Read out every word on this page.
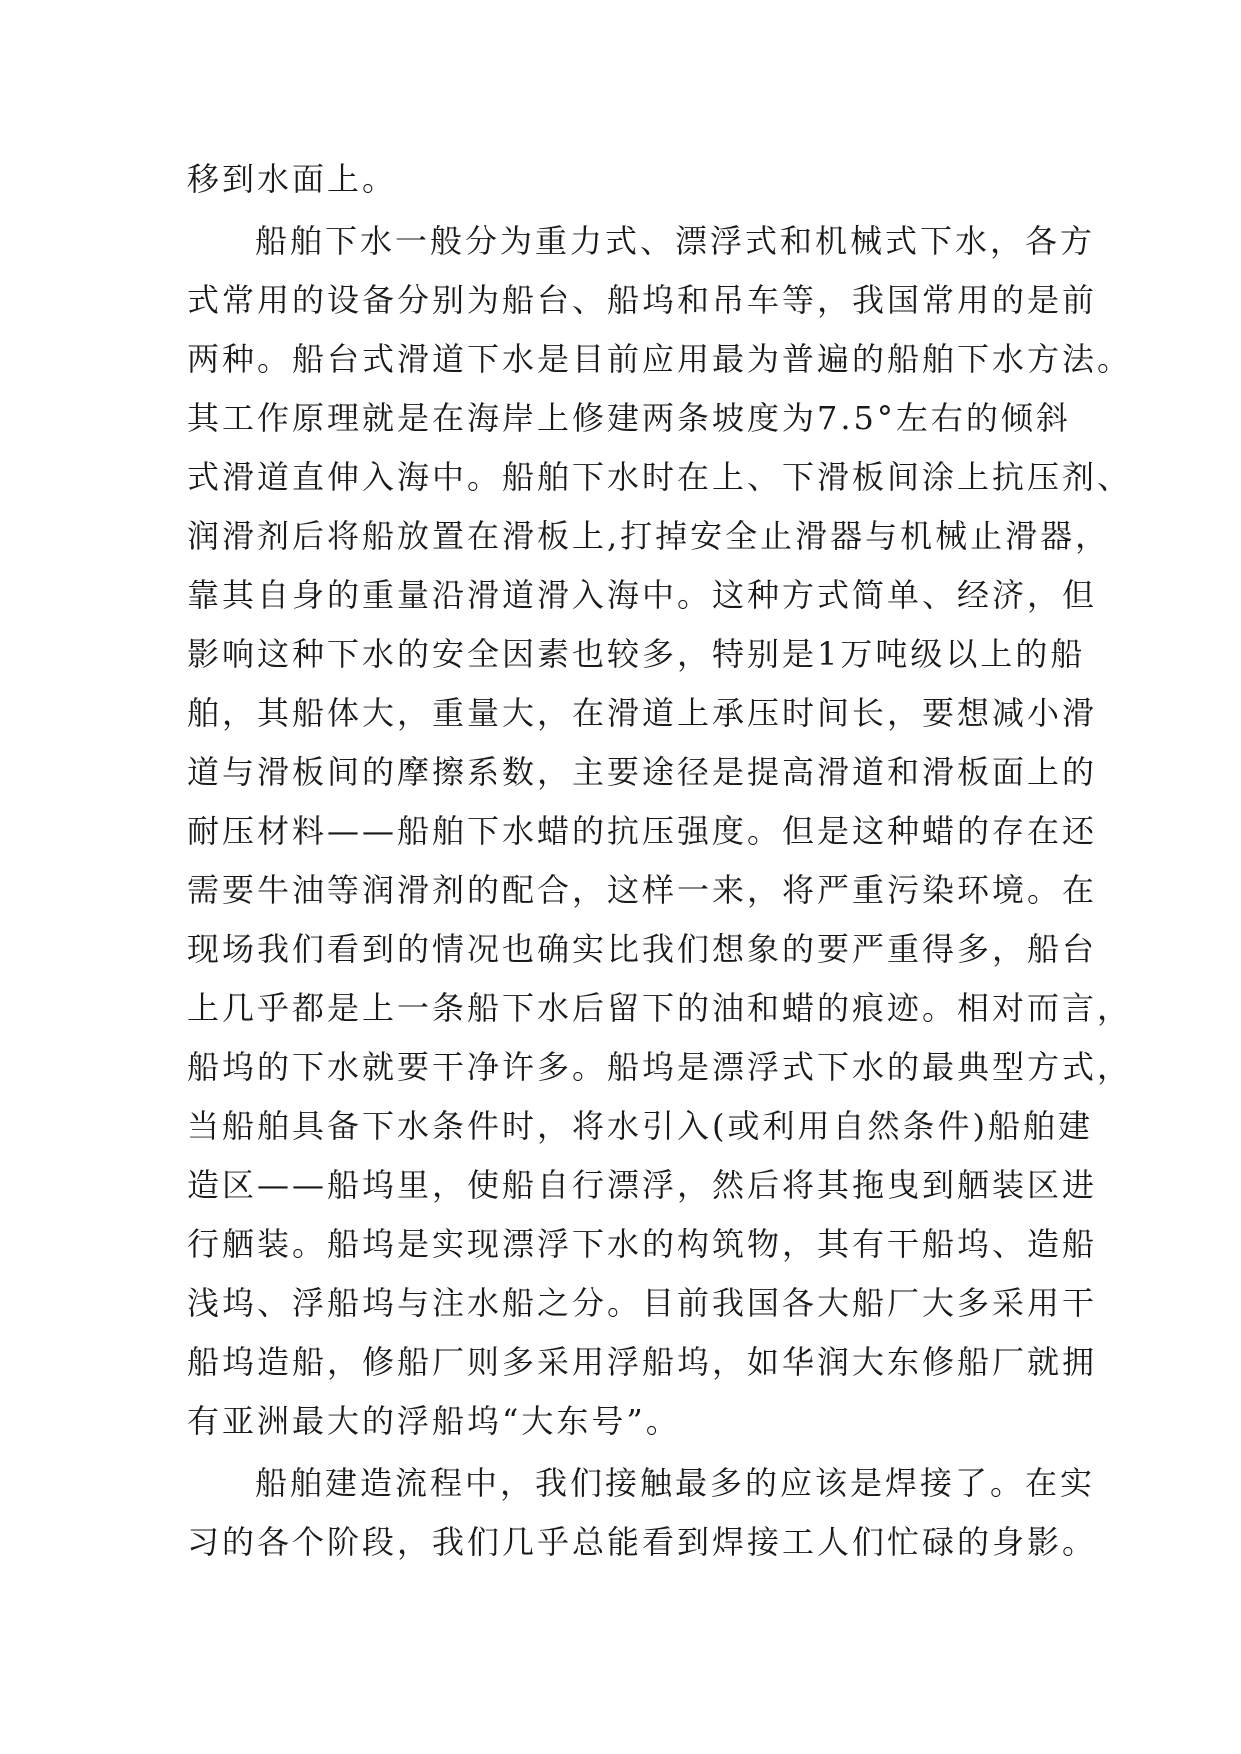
移到水面上。
船舶下水一般分为重力式、漂浮式和机械式下水，各方
式常用的设备分别为船台、船坞和吊车等，我国常用的是前
两种。船台式滑道下水是目前应用最为普遍的船舶下水方法。
其工作原理就是在海岸上修建两条坡度为7.5°左右的倾斜
式滑道直伸入海中。船舶下水时在上、下滑板间涂上抗压剂、
润滑剂后将船放置在滑板上,打掉安全止滑器与机械止滑器，
靠其自身的重量沿滑道滑入海中。这种方式简单、经济，但
影响这种下水的安全因素也较多，特别是1万吨级以上的船
舶，其船体大，重量大，在滑道上承压时间长，要想减小滑
道与滑板间的摩擦系数，主要途径是提高滑道和滑板面上的
耐压材料——船舶下水蜡的抗压强度。但是这种蜡的存在还
需要牛油等润滑剂的配合，这样一来，将严重污染环境。在
现场我们看到的情况也确实比我们想象的要严重得多，船台
上几乎都是上一条船下水后留下的油和蜡的痕迹。相对而言，
船坞的下水就要干净许多。船坞是漂浮式下水的最典型方式，
当船舶具备下水条件时，将水引入(或利用自然条件)船舶建
造区——船坞里，使船自行漂浮，然后将其拖曳到舾装区进
行舾装。船坞是实现漂浮下水的构筑物，其有干船坞、造船
浅坞、浮船坞与注水船之分。目前我国各大船厂大多采用干
船坞造船，修船厂则多采用浮船坞，如华润大东修船厂就拥
有亚洲最大的浮船坞“大东号”。
船舶建造流程中，我们接触最多的应该是焊接了。在实
习的各个阶段，我们几乎总能看到焊接工人们忙碌的身影。
